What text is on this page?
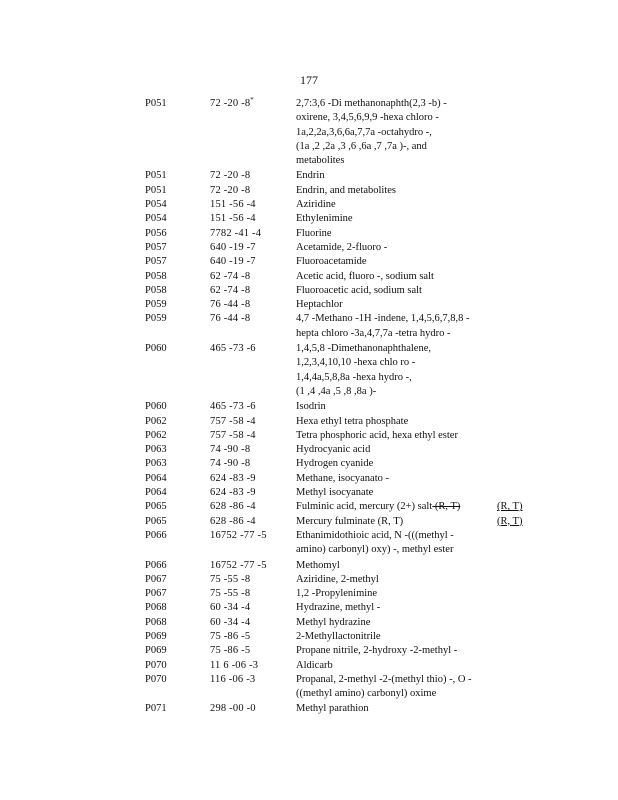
177
P051	72 -20 -8*	2,7:3,6 -Di methanonaphth(2,3 -b) -
oxirene, 3,4,5,6,9,9 -hexa chloro -
1a,2,2a,3,6,6a,7,7a -octahydro -,
(1a ,2 ,2a ,3 ,6 ,6a ,7 ,7a )-, and
metabolites
P051	72 -20 -8	Endrin
P051	72 -20 -8	Endrin, and metabolites
P054	151 -56 -4	Aziridine
P054	151 -56 -4	Ethylenimine
P056	7782 -41 -4	Fluorine
P057	640 -19 -7	Acetamide, 2-fluoro -
P057	640 -19 -7	Fluoroacetamide
P058	62 -74 -8	Acetic acid, fluoro -, sodium salt
P058	62 -74 -8	Fluoroacetic acid, sodium salt
P059	76 -44 -8	Heptachlor
P059	76 -44 -8	4,7 -Methano -1H -indene, 1,4,5,6,7,8,8 -
hepta chloro -3a,4,7,7a -tetra hydro -
P060	465 -73 -6	1,4,5,8 -Dimethanonaphthalene,
1,2,3,4,10,10 -hexa chlo ro -
1,4,4a,5,8,8a -hexa hydro -,
(1 ,4 ,4a ,5 ,8 ,8a )-
P060	465 -73 -6	Isodrin
P062	757 -58 -4	Hexa ethyl tetra phosphate
P062	757 -58 -4	Tetra phosphoric acid, hexa ethyl ester
P063	74 -90 -8	Hydrocyanic acid
P063	74 -90 -8	Hydrogen cyanide
P064	624 -83 -9	Methane, isocyanato -
P064	624 -83 -9	Methyl isocyanate
P065	628 -86 -4	Fulminic acid, mercury (2+) salt (R, T)	(R, T)
P065	628 -86 -4	Mercury fulminate (R, T)	(R, T)
P066	16752 -77 -5	Ethanimidothioic acid, N -(((methyl -
amino) carbonyl) oxy) -, methyl ester
P066	16752 -77 -5	Methomyl
P067	75 -55 -8	Aziridine, 2-methyl
P067	75 -55 -8	1,2 -Propylenimine
P068	60 -34 -4	Hydrazine, methyl -
P068	60 -34 -4	Methyl hydrazine
P069	75 -86 -5	2-Methyllactonitrile
P069	75 -86 -5	Propane nitrile, 2-hydroxy -2-methyl -
P070	11 6 -06 -3	Aldicarb
P070	116 -06 -3	Propanal, 2-methyl -2-(methyl thio) -, O -
((methyl amino) carbonyl) oxime
P071	298 -00 -0	Methyl parathion
